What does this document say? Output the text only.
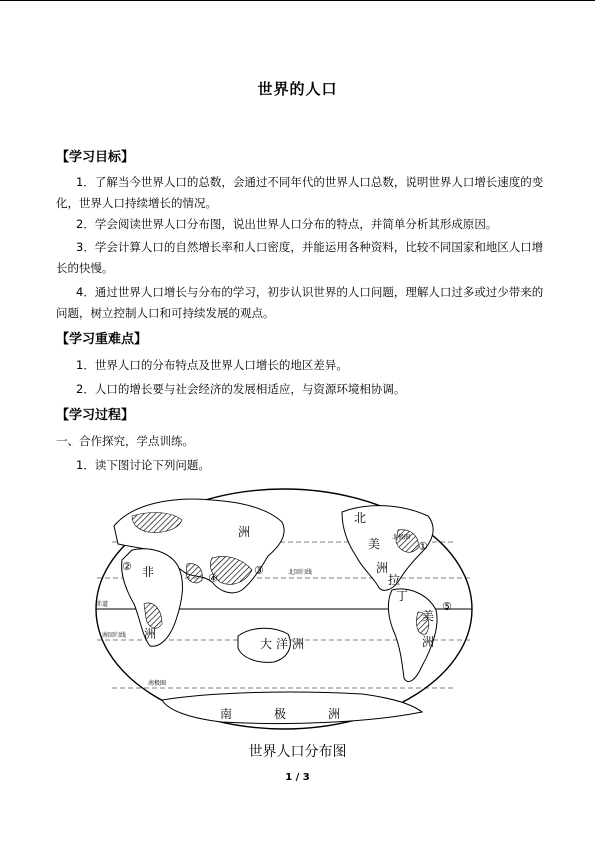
世界的人口
【学习目标】
1．了解当今世界人口的总数，会通过不同年代的世界人口总数，说明世界人口增长速度的变化，世界人口持续增长的情况。
2．学会阅读世界人口分布图，说出世界人口分布的特点，并简单分析其形成原因。
3．学会计算人口的自然增长率和人口密度，并能运用各种资料，比较不同国家和地区人口增长的快慢。
4．通过世界人口增长与分布的学习，初步认识世界的人口问题，理解人口过多或过少带来的问题，树立控制人口和可持续发展的观点。
【学习重难点】
1．世界人口的分布特点及世界人口增长的地区差异。
2．人口的增长要与社会经济的发展相适应，与资源环境相协调。
【学习过程】
一、合作探究，学点训练。
1．读下图讨论下列问题。
北
美
洲
非
洲
洲
拉
丁
美
洲
大 洋 洲
南	极	洲
北回归线
赤道
南回归线
北极圈
南极圈
①
②	③
④
⑤
世界人口分布图
1 / 3
